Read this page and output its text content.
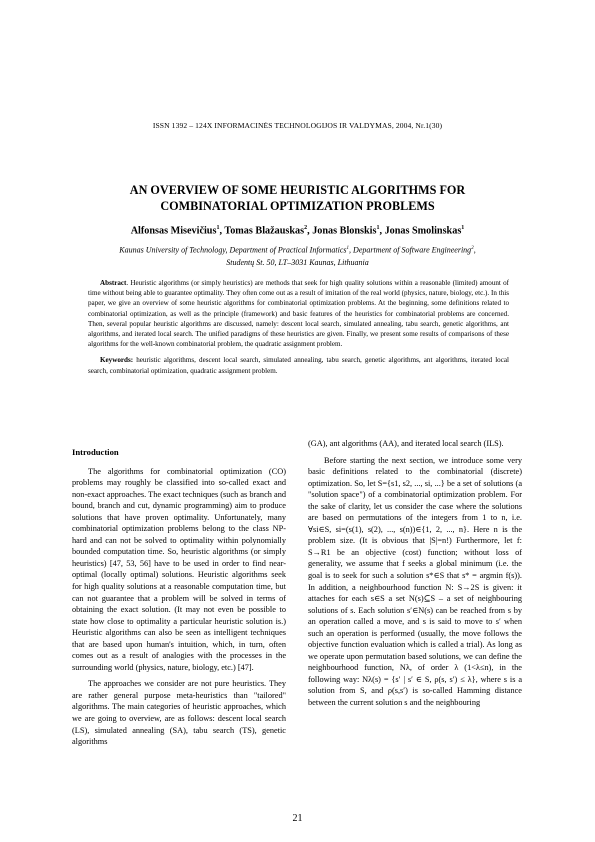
ISSN 1392 – 124X INFORMACINĖS TECHNOLOGIJOS IR VALDYMAS, 2004, Nr.1(30)
AN OVERVIEW OF SOME HEURISTIC ALGORITHMS FOR
COMBINATORIAL OPTIMIZATION PROBLEMS
Alfonsas Misevičius$^1$, Tomas Blažauskas$^2$, Jonas Blonskis$^1$, Jonas Smolinskas$^1$
Kaunas University of Technology, Department of Practical Informatics$^1$, Department of Software Engineering$^2$,
Studentų St. 50, LT–3031 Kaunas, Lithuania

Abstract. Heuristic algorithms (or simply heuristics) are methods that seek for high quality solutions within a reasonable (limited) amount of time without being able to guarantee optimality. They often come out as a result of imitation of the real world (physics, nature, biology, etc.). In this paper, we give an overview of some heuristic algorithms for combinatorial optimization problems. At the beginning, some definitions related to combinatorial optimization, as well as the principle (framework) and basic features of the heuristics for combinatorial problems are concerned. Then, several popular heuristic algorithms are discussed, namely: descent local search, simulated annealing, tabu search, genetic algorithms, ant algorithms, and iterated local search. The unified paradigms of these heuristics are given. Finally, we present some results of comparisons of these algorithms for the well-known combinatorial problem, the quadratic assignment problem.

Keywords: heuristic algorithms, descent local search, simulated annealing, tabu search, genetic algorithms, ant algorithms, iterated local search, combinatorial optimization, quadratic assignment problem.

Introduction

The algorithms for combinatorial optimization (CO) problems may roughly be classified into so-called exact and non-exact approaches. The exact techniques (such as branch and bound, branch and cut, dynamic programming) aim to produce solutions that have proven optimality. Unfortunately, many combinatorial optimization problems belong to the class NP-hard and can not be solved to optimality within polynomially bounded computation time. So, heuristic algorithms (or simply heuristics) [47, 53, 56] have to be used in order to find near-optimal (locally optimal) solutions. Heuristic algorithms seek for high quality solutions at a reasonable computation time, but can not guarantee that a problem will be solved in terms of obtaining the exact solution. (It may not even be possible to state how close to optimality a particular heuristic solution is.) Heuristic algorithms can also be seen as intelligent techniques that are based upon human's intuition, which, in turn, often comes out as a result of analogies with the processes in the surrounding world (physics, nature, biology, etc.) [47].

The approaches we consider are not pure heuristics. They are rather general purpose meta-heuristics than "tailored" algorithms. The main categories of heuristic approaches, which we are going to overview, are as follows: descent local search (LS), simulated annealing (SA), tabu search (TS), genetic algorithms

(GA), ant algorithms (AA), and iterated local search (ILS).

Before starting the next section, we introduce some very basic definitions related to the combinatorial (discrete) optimization. So, let S={s1, s2, ..., si, ...} be a set of solutions (a "solution space") of a combinatorial optimization problem. For the sake of clarity, let us consider the case where the solutions are based on permutations of the integers from 1 to n, i.e. ∀si∈S, si=(s(1), s(2), ..., s(n))∈{1, 2, ..., n}. Here n is the problem size. (It is obvious that |S|=n!) Furthermore, let f: S→R1 be an objective (cost) function; without loss of generality, we assume that f seeks a global minimum (i.e. the goal is to seek for such a solution s*∈S that s* = argmin f(s)). In addition, a neighbourhood function N: S→2S is given: it attaches for each s∈S a set N(s)⊆S – a set of neighbouring solutions of s. Each solution s′∈N(s) can be reached from s by an operation called a move, and s is said to move to s′ when such an operation is performed (usually, the move follows the objective function evaluation which is called a trial). As long as we operate upon permutation based solutions, we can define the neighbourhood function, Nλ, of order λ (1<λ≤n), in the following way: Nλ(s) = {s′ | s′ ∈ S, ρ(s, s′) ≤ λ}, where s is a solution from S, and ρ(s,s′) is so-called Hamming distance between the current solution s and the neighbouring

21
